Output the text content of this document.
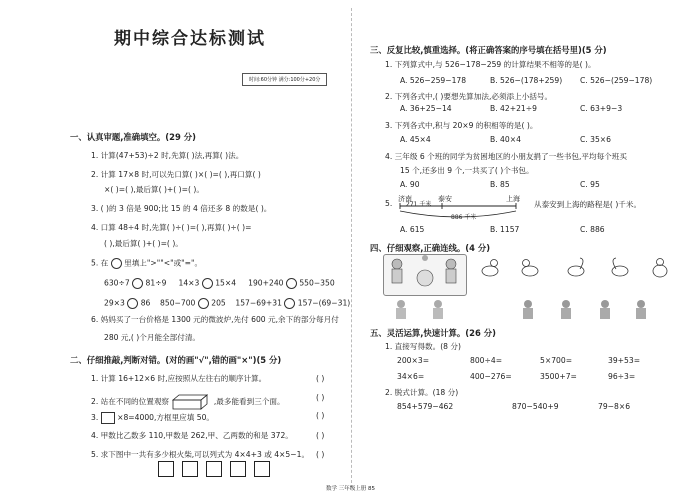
期中综合达标测试
时间:60分钟 满分:100分+20分
一、认真审题,准确填空。(29 分)
1. 计算(47+53)÷2 时,先算( )法,再算( )法。
2. 计算 17×8 时,可以先口算( )×( )=( ),再口算( )
×( )=( ),最后算( )+( )=( )。
3. ( )的 3 倍是 900;比 15 的 4 倍还多 8 的数是( )。
4. 口算 48÷4 时,先算( )÷( )=( ),再算( )÷( )=
( ),最后算( )+( )=( )。
5. 在 里填上">""<"或"="。
630÷7 81÷9 14×3 15×4 190+240 550−350
29×3 86 850−700 205 157−69+31 157−(69−31)
6. 妈妈买了一台价格是 1300 元的微波炉,先付 600 元,余下的部分每月付
280 元,( )个月能全部付清。
二、仔细推敲,判断对错。(对的画"√",错的画"×")(5 分)
1. 计算 16+12×6 时,应按照从左往右的顺序计算。
2. 站在不同的位置观察	,最多能看到三个面。
3. ×8=4000,方框里应填 50。
4. 甲数比乙数多 110,甲数是 262,甲、乙两数的和是 372。
5. 求下图中一共有多少根火柴,可以列式为 4×4+3 或 4×5−1。
( )
( )
( )
( )
( )
数学 三年级上册 85
三、反复比较,慎重选择。(将正确答案的序号填在括号里)(5 分)
1. 下列算式中,与 526−178−259 的计算结果不相等的是( )。
A. 526−259−178	B. 526−(178+259) C. 526−(259−178)
2. 下列各式中,( )要想先算加法,必须添上小括号。
A. 36+25−14	B. 42+21÷9	C. 63+9−3
3. 下列各式中,积与 20×9 的积相等的是( )。
A. 45×4	B. 40×4	C. 35×6
4. 三年级 6 个班的同学为贫困地区的小朋友捐了一些书包,平均每个班买
15 个,还多出 9 个,一共买了( )个书包。
A. 90	B. 85	C. 95
5. 济南	泰安	上海
271 千米
886 千米
从泰安到上海的路程是( )千米。
A. 615	B. 1157	C. 886
四、仔细观察,正确连线。(4 分)
五、灵活运算,快速计算。(26 分)
1. 直接写得数。(8 分)
200×3=	800÷4=	5×700=	39+53=
34×6=	400−276=	3500+7=	96÷3=
2. 脱式计算。(18 分)
854+579−462	870−540+9	79−8×6
